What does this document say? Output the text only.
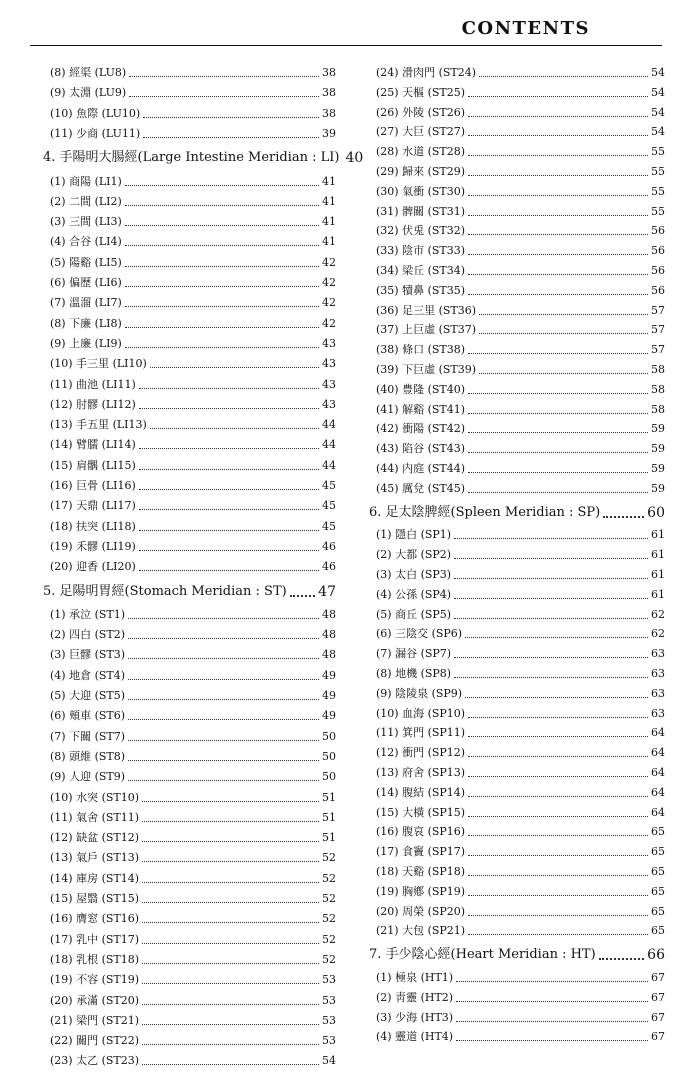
CONTENTS
(8) 經渠 (LU8)	38
(9) 太淵 (LU9)	38
(10) 魚際 (LU10)	38
(11) 少商 (LU11)	39
4. 手陽明大腸經(Large Intestine Meridian : LI) 40
(1) 商陽 (LI1)	41
(2) 二間 (LI2)	41
(3) 三間 (LI3)	41
(4) 合谷 (LI4)	41
(5) 陽谿 (LI5)	42
(6) 偏歷 (LI6)	42
(7) 溫溜 (LI7)	42
(8) 下廉 (LI8)	42
(9) 上廉 (LI9)	43
(10) 手三里 (LI10)	43
(11) 曲池 (LI11)	43
(12) 肘髎 (LI12)	43
(13) 手五里 (LI13)	44
(14) 臂臑 (LI14)	44
(15) 肩髃 (LI15)	44
(16) 巨骨 (LI16)	45
(17) 天鼎 (LI17)	45
(18) 扶突 (LI18)	45
(19) 禾髎 (LI19)	46
(20) 迎香 (LI20)	46
5. 足陽明胃經(Stomach Meridian : ST) 47
(1) 承泣 (ST1)	48
(2) 四白 (ST2)	48
(3) 巨髎 (ST3)	48
(4) 地倉 (ST4)	49
(5) 大迎 (ST5)	49
(6) 頰車 (ST6)	49
(7) 下關 (ST7)	50
(8) 頭維 (ST8)	50
(9) 人迎 (ST9)	50
(10) 水突 (ST10)	51
(11) 氣舍 (ST11)	51
(12) 缺盆 (ST12)	51
(13) 氣戶 (ST13)	52
(14) 庫房 (ST14)	52
(15) 屋翳 (ST15)	52
(16) 膺窓 (ST16)	52
(17) 乳中 (ST17)	52
(18) 乳根 (ST18)	52
(19) 不容 (ST19)	53
(20) 承滿 (ST20)	53
(21) 梁門 (ST21)	53
(22) 關門 (ST22)	53
(23) 太乙 (ST23)	54
(24) 滑肉門 (ST24)	54
(25) 天樞 (ST25)	54
(26) 外陵 (ST26)	54
(27) 大巨 (ST27)	54
(28) 水道 (ST28)	55
(29) 歸來 (ST29)	55
(30) 氣衝 (ST30)	55
(31) 髀關 (ST31)	55
(32) 伏兎 (ST32)	56
(33) 陰市 (ST33)	56
(34) 梁丘 (ST34)	56
(35) 犢鼻 (ST35)	56
(36) 足三里 (ST36)	57
(37) 上巨虛 (ST37)	57
(38) 條口 (ST38)	57
(39) 下巨虛 (ST39)	58
(40) 豊隆 (ST40)	58
(41) 解谿 (ST41)	58
(42) 衝陽 (ST42)	59
(43) 陷谷 (ST43)	59
(44) 内庭 (ST44)	59
(45) 厲兌 (ST45)	59
6. 足太陰脾經(Spleen Meridian : SP)	60
(1) 隱白 (SP1)	61
(2) 大都 (SP2)	61
(3) 太白 (SP3)	61
(4) 公孫 (SP4)	61
(5) 商丘 (SP5)	62
(6) 三陰交 (SP6)	62
(7) 漏谷 (SP7)	63
(8) 地機 (SP8)	63
(9) 陰陵泉 (SP9)	63
(10) 血海 (SP10)	63
(11) 箕門 (SP11)	64
(12) 衝門 (SP12)	64
(13) 府舍 (SP13)	64
(14) 腹結 (SP14)	64
(15) 大橫 (SP15)	64
(16) 腹哀 (SP16)	65
(17) 食竇 (SP17)	65
(18) 天谿 (SP18)	65
(19) 胸鄕 (SP19)	65
(20) 周榮 (SP20)	65
(21) 大包 (SP21)	65
7. 手少陰心經(Heart Meridian : HT)	66
(1) 極泉 (HT1)	67
(2) 靑靈 (HT2)	67
(3) 少海 (HT3)	67
(4) 靈道 (HT4)	67
